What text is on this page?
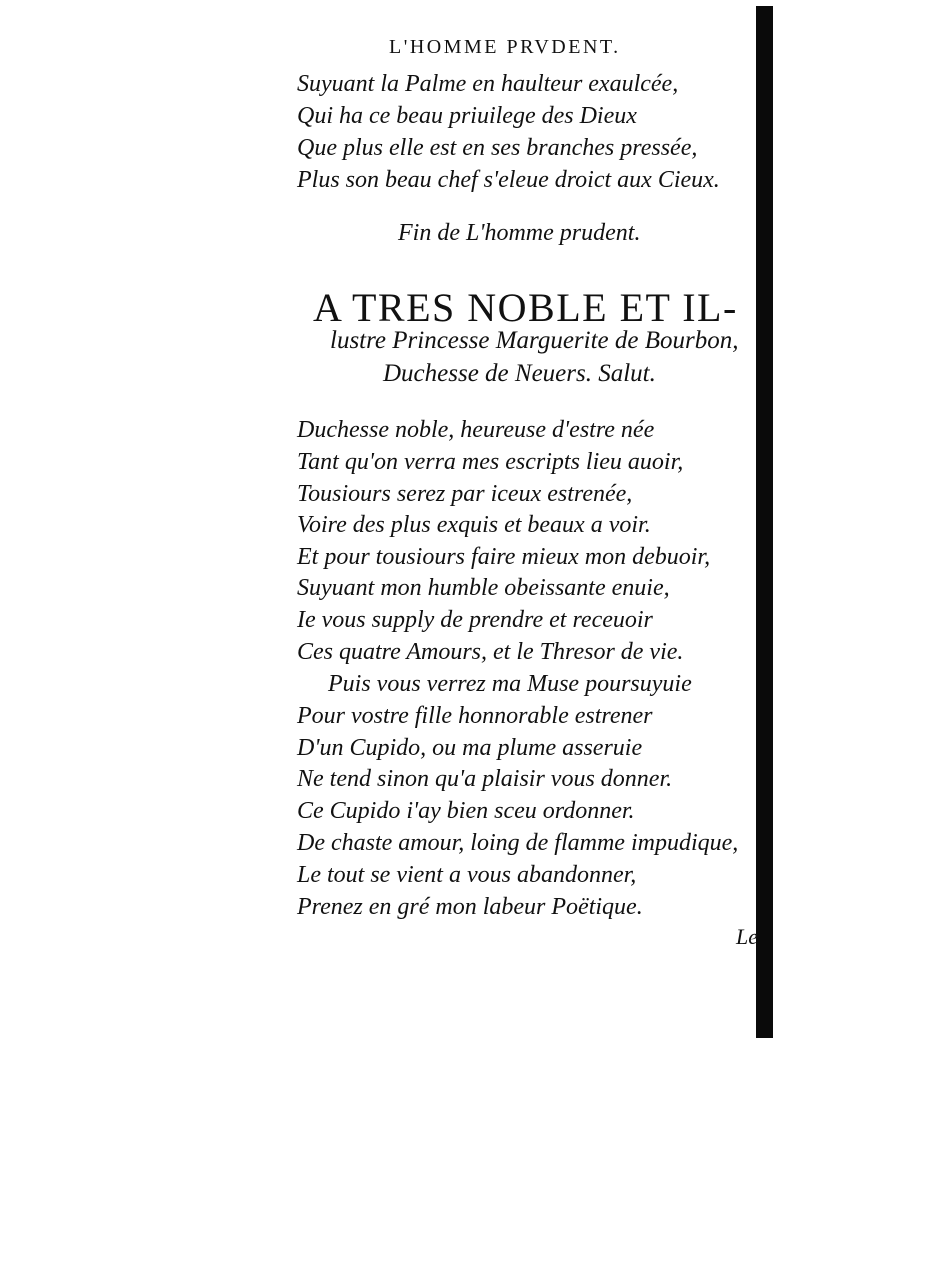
L'HOMME PRVDENT.
Suyuant la Palme en haulteur exaulcée,
Qui ha ce beau priuilege des Dieux
Que plus elle est en ses branches pressée,
Plus son beau chef s'eleue droict aux Cieux.
Fin de L'homme prudent.
A TRES NOBLE ET IL-
lustre Princesse Marguerite de Bourbon,
Duchesse de Neuers. Salut.
Duchesse noble, heureuse d'estre née
Tant qu'on verra mes escripts lieu auoir,
Tousiours serez par iceux estrenée,
Voire des plus exquis et beaux a voir.
Et pour tousiours faire mieux mon debuoir,
Suyuant mon humble obeissante enuie,
Ie vous supply de prendre et receuoir
Ces quatre Amours, et le Thresor de vie.
Puis vous verrez ma Muse poursuyuie
Pour vostre fille honnorable estrener
D'un Cupido, ou ma plume asseruie
Ne tend sinon qu'a plaisir vous donner.
Ce Cupido i'ay bien sceu ordonner.
De chaste amour, loing de flamme impudique,
Le tout se vient a vous abandonner,
Prenez en gré mon labeur Poëtique.
Le
